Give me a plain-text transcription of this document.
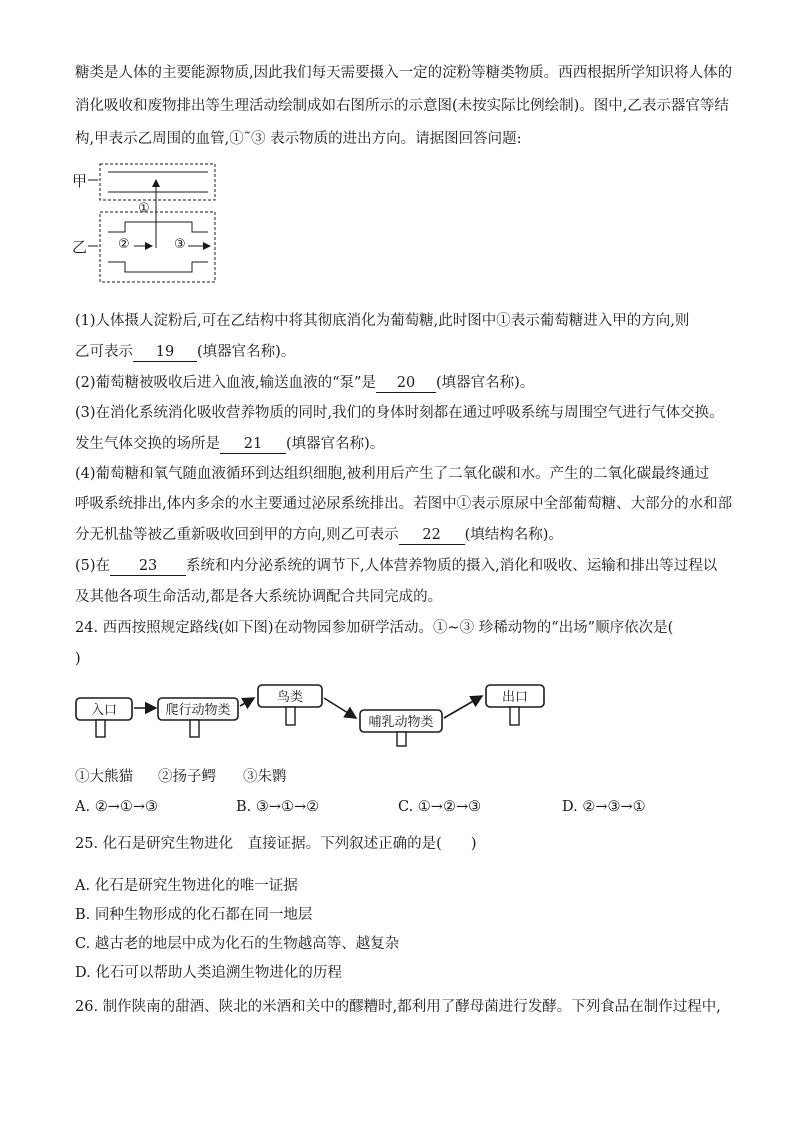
糖类是人体的主要能源物质,因此我们每天需要摄入一定的淀粉等糖类物质。西西根据所学知识将人体的
消化吸收和废物排出等生理活动绘制成如右图所示的示意图(未按实际比例绘制)。图中,乙表示器官等结
构,甲表示乙周围的血管,①˜③ 表示物质的进出方向。请据图回答问题:
甲
①
乙 ②	③
(1)人体摄人淀粉后,可在乙结构中将其彻底消化为葡萄糖,此时图中①表示葡萄糖进入甲的方向,则
乙可表示 19 (填器官名称)。
(2)葡萄糖被吸收后进入血液,输送血液的“泵”是 20 (填器官名称)。
(3)在消化系统消化吸收营养物质的同时,我们的身体时刻都在通过呼吸系统与周围空气进行气体交换。
发生气体交换的场所是 21 (填器官名称)。
(4)葡萄糖和氧气随血液循环到达组织细胞,被利用后产生了二氧化碳和水。产生的二氧化碳最终通过
呼吸系统排出,体内多余的水主要通过泌尿系统排出。若图中①表示原尿中全部葡萄糖、大部分的水和部
分无机盐等被乙重新吸收回到甲的方向,则乙可表示 22 (填结构名称)。
(5)在 23 系统和内分泌系统的调节下,人体营养物质的摄入,消化和吸收、运输和排出等过程以
及其他各项生命活动,都是各大系统协调配合共同完成的。
24. 西西按照规定路线(如下图)在动物园参加研学活动。①~③ 珍稀动物的“出场”顺序依次是(
)
入口	爬行动物类
鸟类
哺乳动物类
出口
①大熊猫 ②扬子鳄 ③朱鹮
A. ②→①→③	B. ③→①→②	C. ①→②→③	D. ②→③→①
25. 化石是研究生物进化　直接证据。下列叙述正确的是(　　)
A. 化石是研究生物进化的唯一证据
B. 同种生物形成的化石都在同一地层
C. 越古老的地层中成为化石的生物越高等、越复杂
D. 化石可以帮助人类追溯生物进化的历程
26. 制作陕南的甜酒、陕北的米酒和关中的醪糟时,都利用了酵母菌进行发酵。下列食品在制作过程中,
